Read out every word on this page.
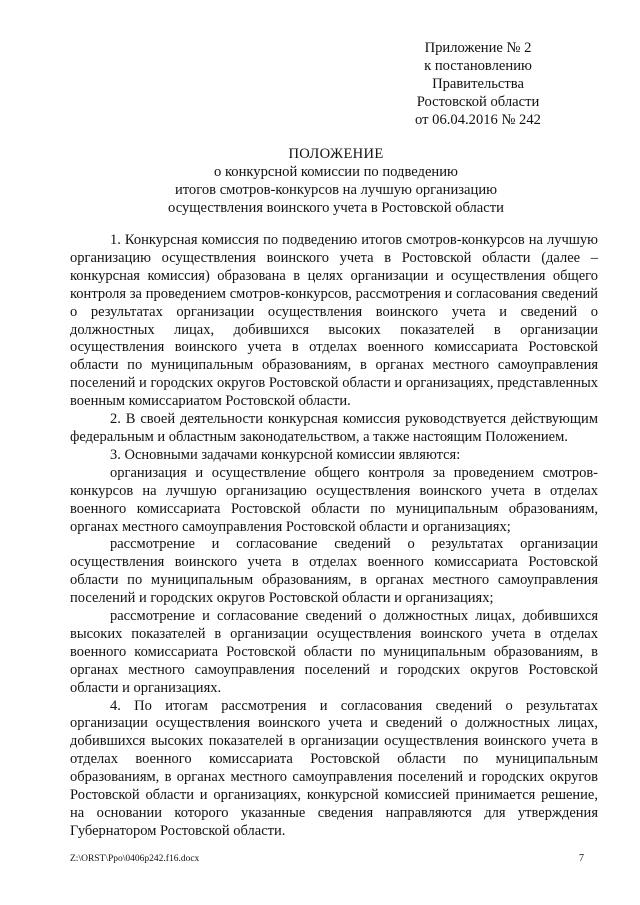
Приложение № 2
к постановлению
Правительства
Ростовской области
от 06.04.2016 № 242
ПОЛОЖЕНИЕ
о конкурсной комиссии по подведению
итогов смотров-конкурсов на лучшую организацию
осуществления воинского учета в Ростовской области

1. Конкурсная комиссия по подведению итогов смотров-конкурсов на лучшую организацию осуществления воинского учета в Ростовской области (далее – конкурсная комиссия) образована в целях организации и осуществления общего контроля за проведением смотров-конкурсов, рассмотрения и согласования сведений о результатах организации осуществления воинского учета и сведений о должностных лицах, добившихся высоких показателей в организации осуществления воинского учета в отделах военного комиссариата Ростовской области по муниципальным образованиям, в органах местного самоуправления поселений и городских округов Ростовской области и организациях, представленных военным комиссариатом Ростовской области.

2. В своей деятельности конкурсная комиссия руководствуется действующим федеральным и областным законодательством, а также настоящим Положением.

3. Основными задачами конкурсной комиссии являются:

организация и осуществление общего контроля за проведением смотров-конкурсов на лучшую организацию осуществления воинского учета в отделах военного комиссариата Ростовской области по муниципальным образованиям, органах местного самоуправления Ростовской области и организациях;

рассмотрение и согласование сведений о результатах организации осуществления воинского учета в отделах военного комиссариата Ростовской области по муниципальным образованиям, в органах местного самоуправления поселений и городских округов Ростовской области и организациях;

рассмотрение и согласование сведений о должностных лицах, добившихся высоких показателей в организации осуществления воинского учета в отделах военного комиссариата Ростовской области по муниципальным образованиям, в органах местного самоуправления поселений и городских округов Ростовской области и организациях.

4. По итогам рассмотрения и согласования сведений о результатах организации осуществления воинского учета и сведений о должностных лицах, добившихся высоких показателей в организации осуществления воинского учета в отделах военного комиссариата Ростовской области по муниципальным образованиям, в органах местного самоуправления поселений и городских округов Ростовской области и организациях, конкурсной комиссией принимается решение, на основании которого указанные сведения направляются для утверждения Губернатором Ростовской области.

Z:\ORST\Ppo\0406p242.f16.docx	7
